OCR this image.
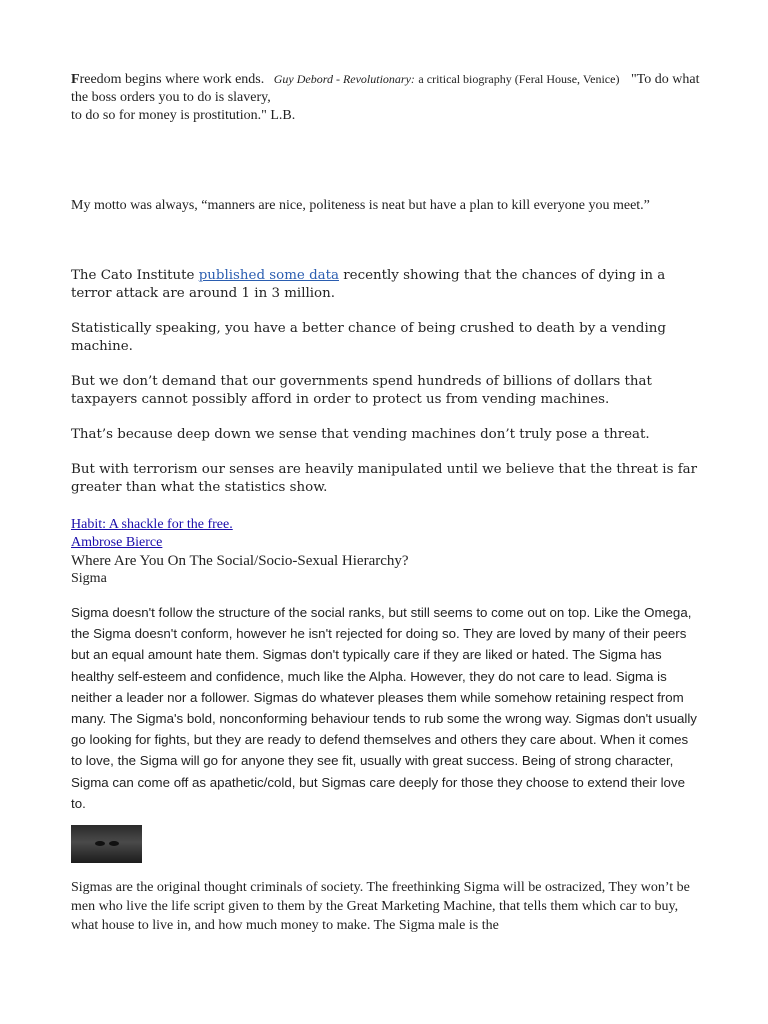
Freedom begins where work ends. Guy Debord - Revolutionary: a critical biography (Feral House, Venice) "To do what the boss orders you to do is slavery,
to do so for money is prostitution." L.B.
My motto was always, “manners are nice, politeness is neat but have a plan to kill everyone you meet.”

The Cato Institute published some data recently showing that the chances of dying in a terror attack are around 1 in 3 million.

Statistically speaking, you have a better chance of being crushed to death by a vending machine.

But we don’t demand that our governments spend hundreds of billions of dollars that taxpayers cannot possibly afford in order to protect us from vending machines.

That’s because deep down we sense that vending machines don’t truly pose a threat.

But with terrorism our senses are heavily manipulated until we believe that the threat is far greater than what the statistics show.

Habit: A shackle for the free.
Ambrose Bierce
Where Are You On The Social/Socio-Sexual Hierarchy?
Sigma
Sigma doesn't follow the structure of the social ranks, but still seems to come out on top. Like the Omega, the Sigma doesn't conform, however he isn't rejected for doing so. They are loved by many of their peers but an equal amount hate them. Sigmas don't typically care if they are liked or hated. The Sigma has healthy self-esteem and confidence, much like the Alpha. However, they do not care to lead. Sigma is neither a leader nor a follower. Sigmas do whatever pleases them while somehow retaining respect from many. The Sigma's bold, nonconforming behaviour tends to rub some the wrong way. Sigmas don't usually go looking for fights, but they are ready to defend themselves and others they care about. When it comes to love, the Sigma will go for anyone they see fit, usually with great success. Being of strong character, Sigma can come off as apathetic/cold, but Sigmas care deeply for those they choose to extend their love to.
Sigmas are the original thought criminals of society. The freethinking Sigma will be ostracized, They won’t be men who live the life script given to them by the Great Marketing Machine, that tells them which car to buy, what house to live in, and how much money to make. The Sigma male is the
